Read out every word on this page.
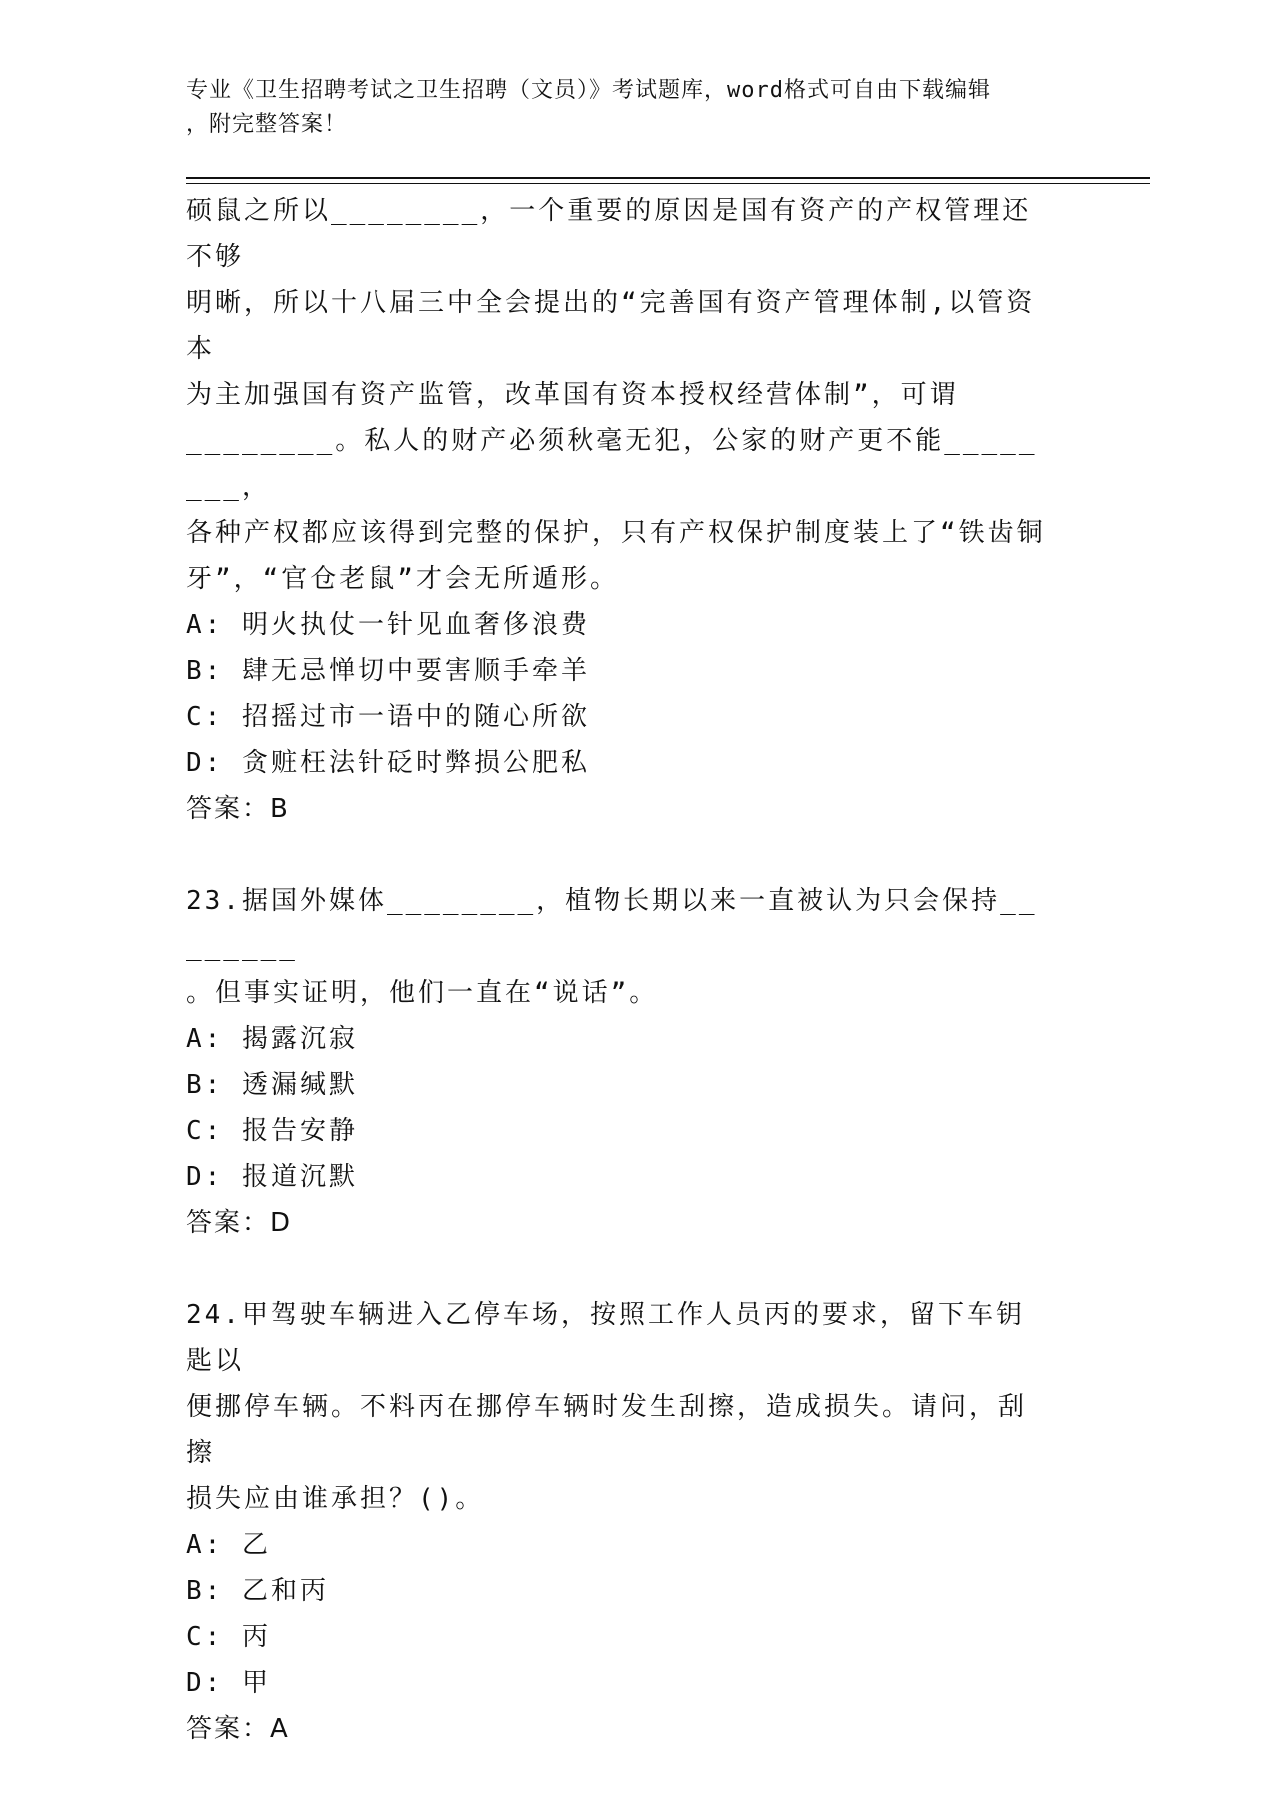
专业《卫生招聘考试之卫生招聘（文员）》考试题库，word格式可自由下载编辑
，附完整答案！

硕鼠之所以________，一个重要的原因是国有资产的产权管理还不够

明晰，所以十八届三中全会提出的“完善国有资产管理体制,以管资本

为主加强国有资产监管，改革国有资本授权经营体制”，可谓

________。私人的财产必须秋毫无犯，公家的财产更不能________，

各种产权都应该得到完整的保护，只有产权保护制度装上了“铁齿铜

牙”，“官仓老鼠”才会无所遁形。

A: 明火执仗一针见血奢侈浪费

B: 肆无忌惮切中要害顺手牵羊

C: 招摇过市一语中的随心所欲

D: 贪赃枉法针砭时弊损公肥私

答案：B

23.据国外媒体________，植物长期以来一直被认为只会保持________

。但事实证明，他们一直在“说话”。

A: 揭露沉寂

B: 透漏缄默

C: 报告安静

D: 报道沉默

答案：D

24.甲驾驶车辆进入乙停车场，按照工作人员丙的要求，留下车钥匙以

便挪停车辆。不料丙在挪停车辆时发生刮擦，造成损失。请问，刮擦

损失应由谁承担？()。

A: 乙

B: 乙和丙

C: 丙

D: 甲

答案：A
